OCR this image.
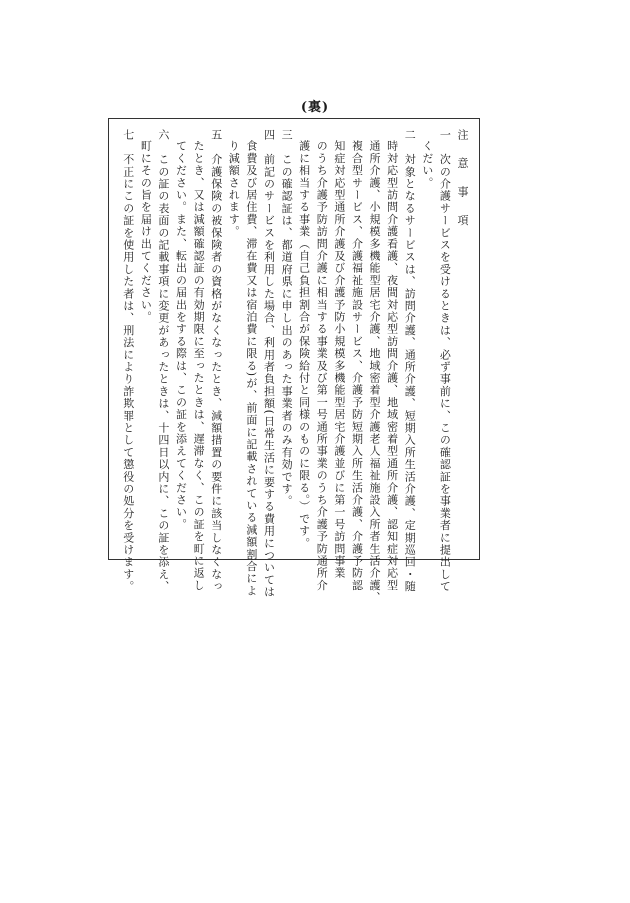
(裏)
注 意 事 項
一　次の介護サービスを受けるときは、必ず事前に、この確認証を事業者に提出して
くだい。
二　対象となるサービスは、訪問介護、通所介護、短期入所生活介護、定期巡回・随
時対応型訪問介護看護、夜間対応型訪問介護、地域密着型通所介護、認知症対応型
通所介護、小規模多機能型居宅介護、地域密着型介護老人福祉施設入所者生活介護、
複合型サービス、介護福祉施設サービス、介護予防短期入所生活介護、介護予防認
知症対応型通所介護及び介護予防小規模多機能型居宅介護並びに第一号訪問事業
のうち介護予防訪問介護に相当する事業及び第一号通所事業のうち介護予防通所介
護に相当する事業（自己負担割合が保険給付と同様のものに限る。）です。
三　この確認証は、都道府県に申し出のあった事業者のみ有効です。
四　前記のサービスを利用した場合、利用者負担額(日常生活に要する費用については
食費及び居住費、滞在費又は宿泊費に限る)が、前面に記載されている減額割合によ
り減額されます。
五　介護保険の被保険者の資格がなくなったとき、減額措置の要件に該当しなくなっ
たとき、又は減額確認証の有効期限に至ったときは、遅滞なく、この証を町に返し
てください。また、転出の届出をする際は、この証を添えてください。
六　この証の表面の記載事項に変更があったときは、十四日以内に、この証を添え、
町にその旨を届け出てください。
七　不正にこの証を使用した者は、刑法により詐欺罪として懲役の処分を受けます。
